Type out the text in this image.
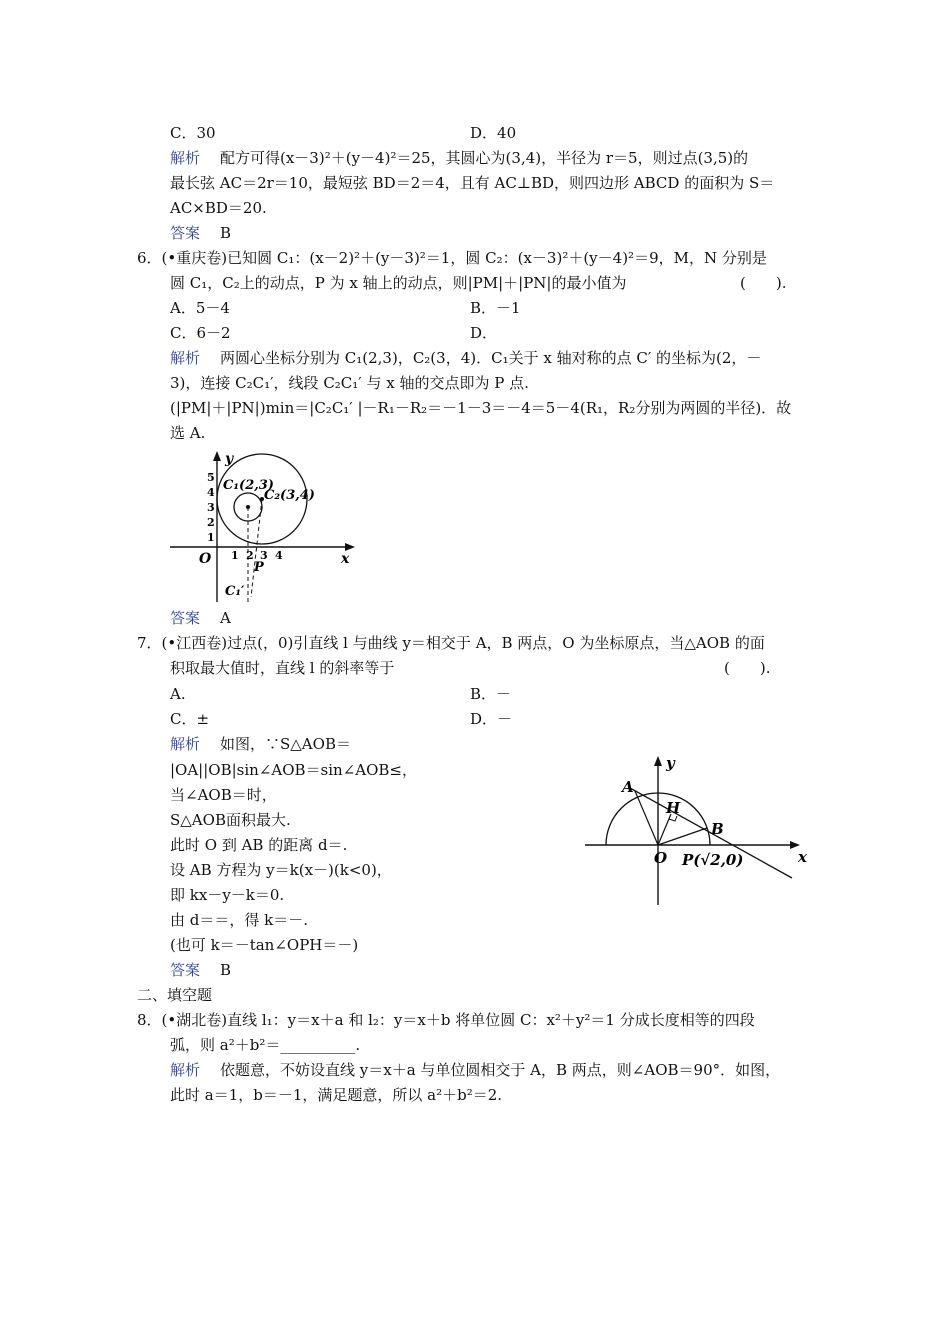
C．30	D．40
解析 配方可得(x－3)²＋(y－4)²＝25，其圆心为(3,4)，半径为 r＝5，则过点(3,5)的
最长弦 AC＝2r＝10，最短弦 BD＝2＝4，且有 AC⊥BD，则四边形 ABCD 的面积为 S＝
AC×BD＝20.
答案 B
6．(•重庆卷)已知圆 C₁：(x－2)²＋(y－3)²＝1，圆 C₂：(x－3)²＋(y－4)²＝9，M，N 分别是
圆 C₁，C₂上的动点，P 为 x 轴上的动点，则|PM|＋|PN|的最小值为	(　　).
A．5－4	B．－1
C．6－2	D．
解析 两圆心坐标分别为 C₁(2,3)，C₂(3，4)．C₁关于 x 轴对称的点 C′ 的坐标为(2，－
3)，连接 C₂C₁′，线段 C₂C₁′ 与 x 轴的交点即为 P 点.
(|PM|＋|PN|)min＝|C₂C₁′ |－R₁－R₂＝－1－3＝－4＝5－4(R₁，R₂分别为两圆的半径)．故
选 A.
y
x
O
1
2
3
4
5
1 2 3 4
C₁(2,3)
C₂(3,4)
P
C₁′
答案 A
7．(•江西卷)过点(，0)引直线 l 与曲线 y＝相交于 A，B 两点，O 为坐标原点，当△AOB 的面
积取最大值时，直线 l 的斜率等于	(　　).
A.	B．－
C．±	D．－
解析 如图，∵S△AOB＝
|OA||OB|sin∠AOB＝sin∠AOB≤，
当∠AOB＝时，
S△AOB面积最大.
此时 O 到 AB 的距离 d＝.
设 AB 方程为 y＝k(x－)(k<0)，
即 kx－y－k＝0.
由 d＝＝，得 k＝－.
(也可 k＝－tan∠OPH＝－)
y
x
O
A
B
H
P(√2,0)
答案 B
二、填空题
8．(•湖北卷)直线 l₁：y＝x＋a 和 l₂：y＝x＋b 将单位圆 C：x²＋y²＝1 分成长度相等的四段
弧，则 a²＋b²＝__________.
解析 依题意，不妨设直线 y＝x＋a 与单位圆相交于 A，B 两点，则∠AOB＝90°．如图，
此时 a＝1，b＝－1，满足题意，所以 a²＋b²＝2.
